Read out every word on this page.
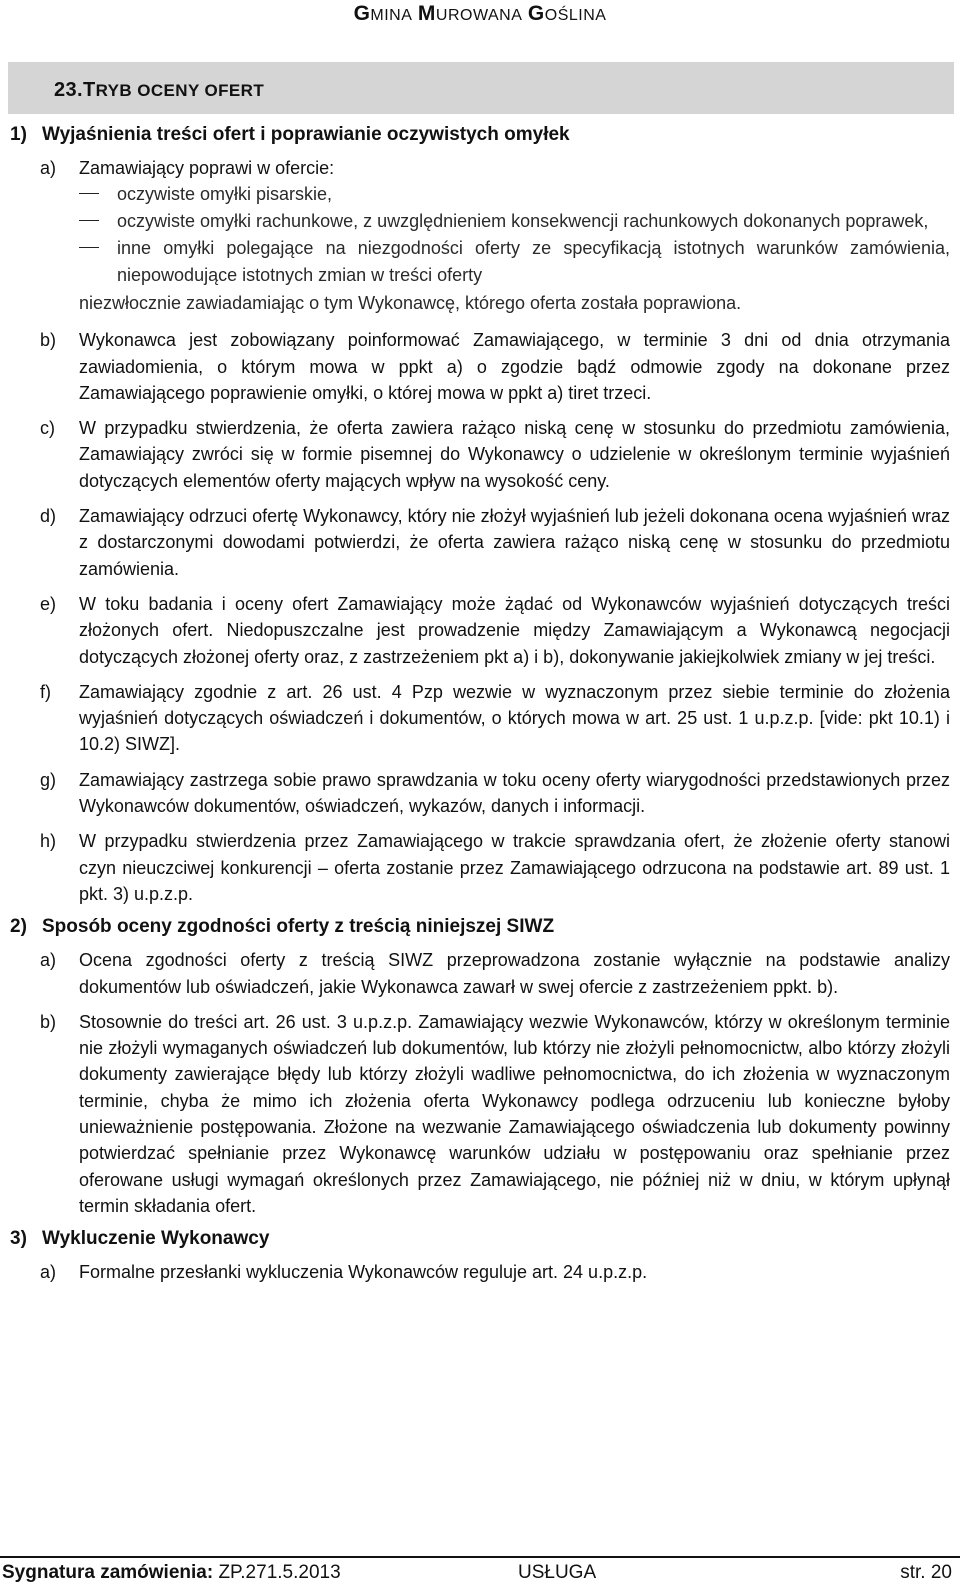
GMINA MUROWANA GOŚLINA
23.TRYB OCENY OFERT
1) Wyjaśnienia treści ofert i poprawianie oczywistych omyłek
a)	Zamawiający poprawi w ofercie:
oczywiste omyłki pisarskie,
oczywiste omyłki rachunkowe, z uwzględnieniem konsekwencji rachunkowych dokonanych poprawek,
inne omyłki polegające na niezgodności oferty ze specyfikacją istotnych warunków zamówienia, niepowodujące istotnych zmian w treści oferty

niezwłocznie zawiadamiając o tym Wykonawcę, którego oferta została poprawiona.

b)	Wykonawca jest zobowiązany poinformować Zamawiającego, w terminie 3 dni od dnia otrzymania zawiadomienia, o którym mowa w ppkt a) o zgodzie bądź odmowie zgody na dokonane przez Zamawiającego poprawienie omyłki, o której mowa w ppkt a) tiret trzeci.
c)	W przypadku stwierdzenia, że oferta zawiera rażąco niską cenę w stosunku do przedmiotu zamówienia, Zamawiający zwróci się w formie pisemnej do Wykonawcy o udzielenie w określonym terminie wyjaśnień dotyczących elementów oferty mających wpływ na wysokość ceny.
d)	Zamawiający odrzuci ofertę Wykonawcy, który nie złożył wyjaśnień lub jeżeli dokonana ocena wyjaśnień wraz z dostarczonymi dowodami potwierdzi, że oferta zawiera rażąco niską cenę w stosunku do przedmiotu zamówienia.
e)	W toku badania i oceny ofert Zamawiający może żądać od Wykonawców wyjaśnień dotyczących treści złożonych ofert. Niedopuszczalne jest prowadzenie między Zamawiającym a Wykonawcą negocjacji dotyczących złożonej oferty oraz, z zastrzeżeniem pkt a) i b), dokonywanie jakiejkolwiek zmiany w jej treści.
f)	Zamawiający zgodnie z art. 26 ust. 4 Pzp wezwie w wyznaczonym przez siebie terminie do złożenia wyjaśnień dotyczących oświadczeń i dokumentów, o których mowa w art. 25 ust. 1 u.p.z.p. [vide: pkt 10.1) i 10.2) SIWZ].
g)	Zamawiający zastrzega sobie prawo sprawdzania w toku oceny oferty wiarygodności przedstawionych przez Wykonawców dokumentów, oświadczeń, wykazów, danych i informacji.
h)	W przypadku stwierdzenia przez Zamawiającego w trakcie sprawdzania ofert, że złożenie oferty stanowi czyn nieuczciwej konkurencji – oferta zostanie przez Zamawiającego odrzucona na podstawie art. 89 ust. 1 pkt. 3) u.p.z.p.
2) Sposób oceny zgodności oferty z treścią niniejszej SIWZ
a)	Ocena zgodności oferty z treścią SIWZ przeprowadzona zostanie wyłącznie na podstawie analizy dokumentów lub oświadczeń, jakie Wykonawca zawarł w swej ofercie z zastrzeżeniem ppkt. b).
b)	Stosownie do treści art. 26 ust. 3 u.p.z.p. Zamawiający wezwie Wykonawców, którzy w określonym terminie nie złożyli wymaganych oświadczeń lub dokumentów, lub którzy nie złożyli pełnomocnictw, albo którzy złożyli dokumenty zawierające błędy lub którzy złożyli wadliwe pełnomocnictwa, do ich złożenia w wyznaczonym terminie, chyba że mimo ich złożenia oferta Wykonawcy podlega odrzuceniu lub konieczne byłoby unieważnienie postępowania. Złożone na wezwanie Zamawiającego oświadczenia lub dokumenty powinny potwierdzać spełnianie przez Wykonawcę warunków udziału w postępowaniu oraz spełnianie przez oferowane usługi wymagań określonych przez Zamawiającego, nie później niż w dniu, w którym upłynął termin składania ofert.
3) Wykluczenie Wykonawcy
a)	Formalne przesłanki wykluczenia Wykonawców reguluje art. 24 u.p.z.p.
Sygnatura zamówienia: ZP.271.5.2013	USŁUGA	str. 20
